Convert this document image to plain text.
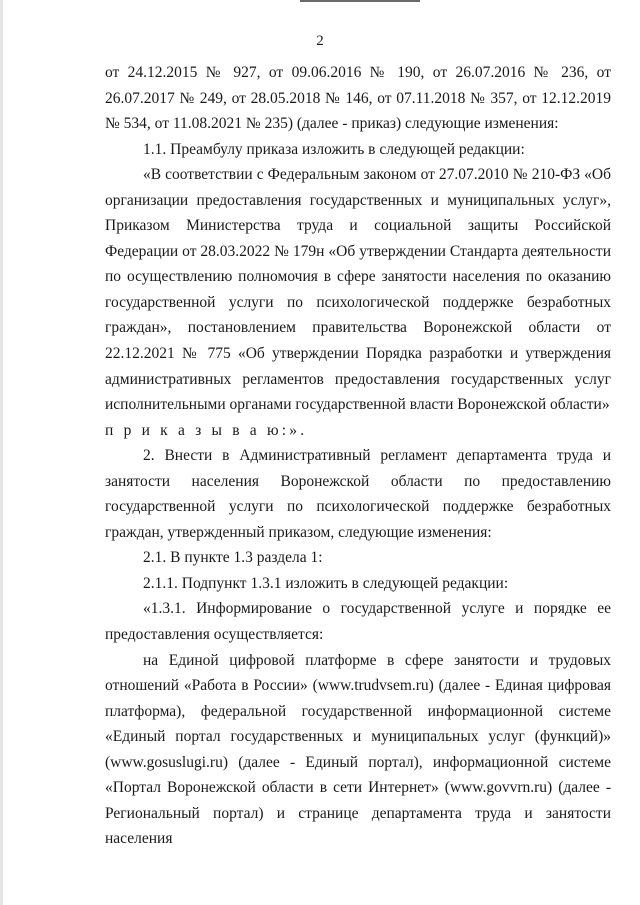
2

от 24.12.2015 № 927, от 09.06.2016 № 190, от 26.07.2016 № 236, от 26.07.2017 № 249, от 28.05.2018 № 146, от 07.11.2018 № 357, от 12.12.2019 № 534, от 11.08.2021 № 235) (далее - приказ) следующие изменения:

1.1. Преамбулу приказа изложить в следующей редакции:

«В соответствии с Федеральным законом от 27.07.2010 № 210-ФЗ «Об организации предоставления государственных и муниципальных услуг», Приказом Министерства труда и социальной защиты Российской Федерации от 28.03.2022 № 179н «Об утверждении Стандарта деятельности по осуществлению полномочия в сфере занятости населения по оказанию государственной услуги по психологической поддержке безработных граждан», постановлением правительства Воронежской области от 22.12.2021 № 775 «Об утверждении Порядка разработки и утверждения административных регламентов предоставления государственных услуг исполнительными органами государственной власти Воронежской области»

п р и к а з ы в а ю:».

2. Внести в Административный регламент департамента труда и занятости населения Воронежской области по предоставлению государственной услуги по психологической поддержке безработных граждан, утвержденный приказом, следующие изменения:

2.1. В пункте 1.3 раздела 1:

2.1.1. Подпункт 1.3.1 изложить в следующей редакции:

«1.3.1. Информирование о государственной услуге и порядке ее предоставления осуществляется:

на Единой цифровой платформе в сфере занятости и трудовых отношений «Работа в России» (www.trudvsem.ru) (далее - Единая цифровая платформа), федеральной государственной информационной системе «Единый портал государственных и муниципальных услуг (функций)» (www.gosuslugi.ru) (далее - Единый портал), информационной системе «Портал Воронежской области в сети Интернет» (www.govvrn.ru) (далее - Региональный портал) и странице департамента труда и занятости населения
